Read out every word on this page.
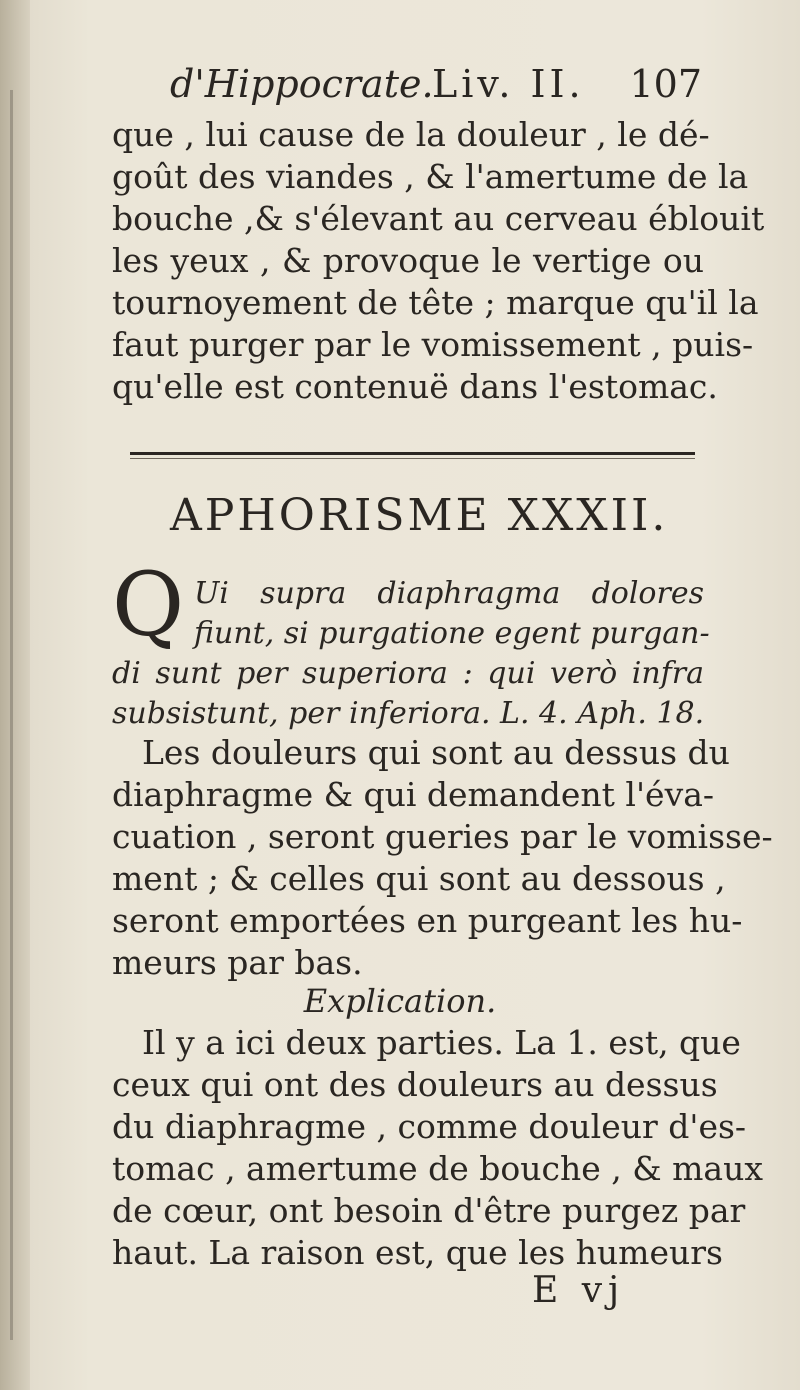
d'Hippocrate.
Liv. II. 107
que , lui cause de la douleur , le dé-
goût des viandes , & l'amertume de la
bouche ,& s'élevant au cerveau éblouit
les yeux , & provoque le vertige ou
tournoyement de tête ; marque qu'il la
faut purger par le vomissement , puis-
qu'elle est contenuë dans l'estomac.
APHORISME XXXII.
Q Ui supra diaphragma dolores
fiunt, si purgatione egent purgan-
di sunt per superiora : qui verò infra
subsistunt, per inferiora. L. 4. Aph. 18.
Les douleurs qui sont au dessus du
diaphragme & qui demandent l'éva-
cuation , seront gueries par le vomisse-
ment ; & celles qui sont au dessous ,
seront emportées en purgeant les hu-
meurs par bas.
Explication.
Il y a ici deux parties. La 1. est, que
ceux qui ont des douleurs au dessus
du diaphragme , comme douleur d'es-
tomac , amertume de bouche , & maux
de cœur, ont besoin d'être purgez par
haut. La raison est, que les humeurs
E vj
